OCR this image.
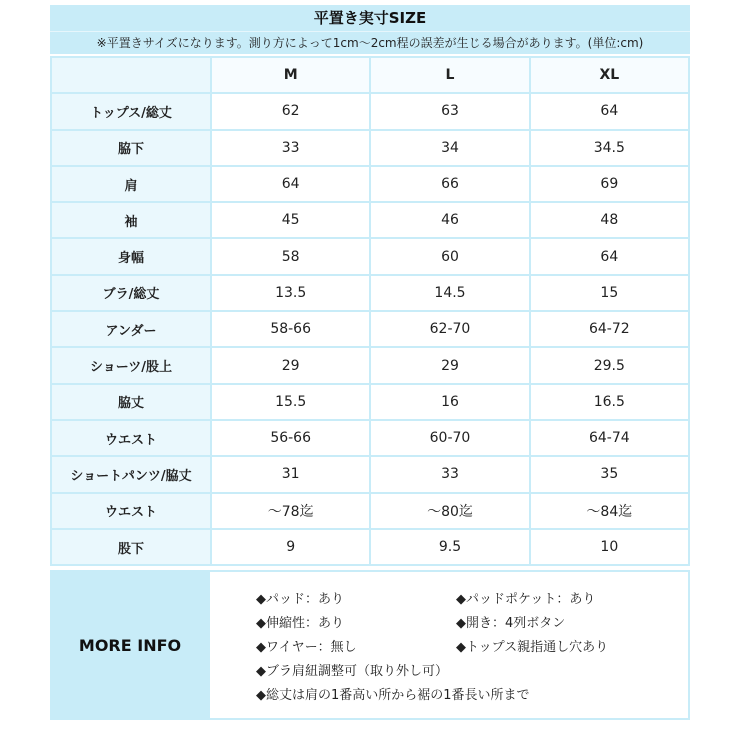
平置き実寸SIZE
※平置きサイズになります。測り方によって1cm～2cm程の誤差が生じる場合があります。(単位:cm)
	M	L	XL
トップス/総丈	62	63	64
脇下	33	34	34.5
肩	64	66	69
袖	45	46	48
身幅	58	60	64
ブラ/総丈	13.5	14.5	15
アンダー	58-66	62-70	64-72
ショーツ/股上	29	29	29.5
脇丈	15.5	16	16.5
ウエスト	56-66	60-70	64-74
ショートパンツ/脇丈	31	33	35
ウエスト	～78迄	～80迄	～84迄
股下	9	9.5	10
MORE INFO
◆パッド：あり	◆パッドポケット：あり
◆伸縮性：あり	◆開き：4列ボタン
◆ワイヤー：無し	◆トップス親指通し穴あり
◆ブラ肩紐調整可（取り外し可）
◆総丈は肩の1番高い所から裾の1番長い所まで
